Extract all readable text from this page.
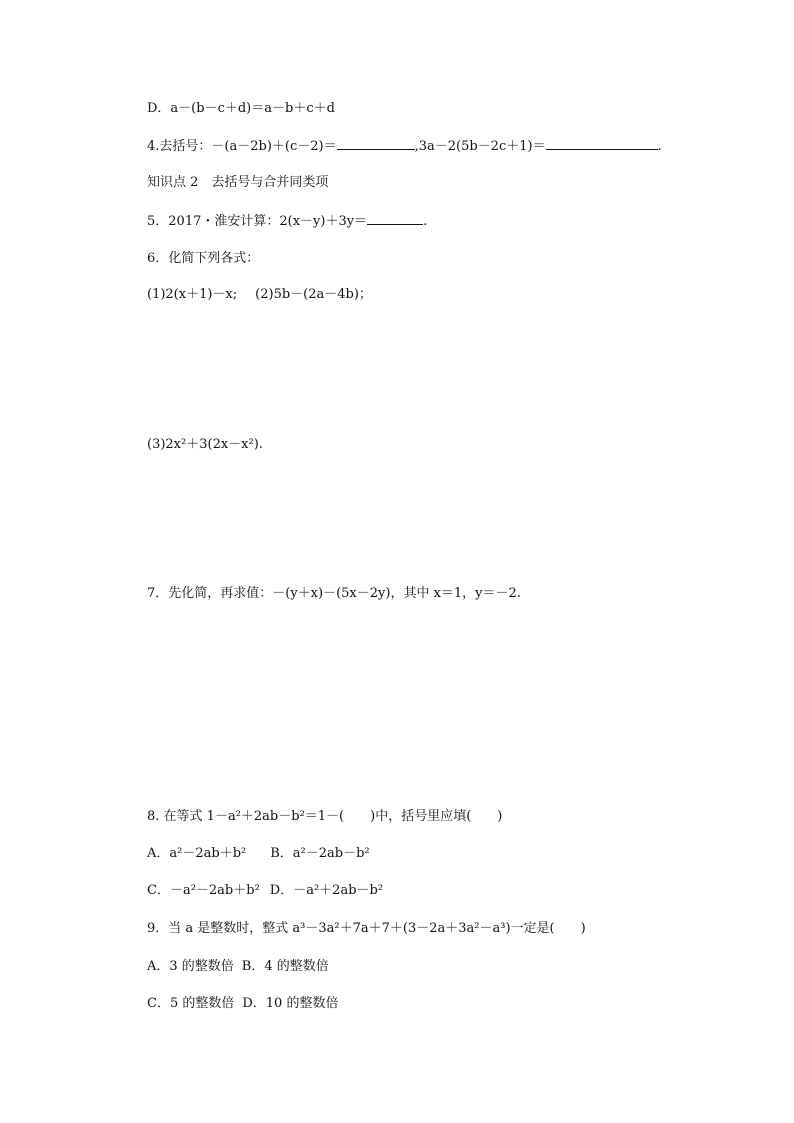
D．a－(b－c＋d)＝a－b＋c＋d
4.去括号：－(a－2b)＋(c－2)＝	,3a－2(5b－2c＋1)＝	.
知识点 2　去括号与合并同类项
5．2017・淮安计算：2(x－y)＋3y＝	.
6．化简下列各式：
(1)2(x＋1)－x; (2)5b－(2a－4b)；
(3)2x²＋3(2x－x²).
7．先化简，再求值：－(y＋x)－(5x－2y)，其中 x＝1，y＝－2.
8. 在等式 1－a²＋2ab－b²＝1－(　　)中，括号里应填(　　)
A．a²－2ab＋b² B．a²－2ab－b²
C．－a²－2ab＋b² D．－a²＋2ab－b²
9．当 a 是整数时，整式 a³－3a²＋7a＋7＋(3－2a＋3a²－a³)一定是(　　)
A．3 的整数倍 B．4 的整数倍
C．5 的整数倍 D．10 的整数倍
